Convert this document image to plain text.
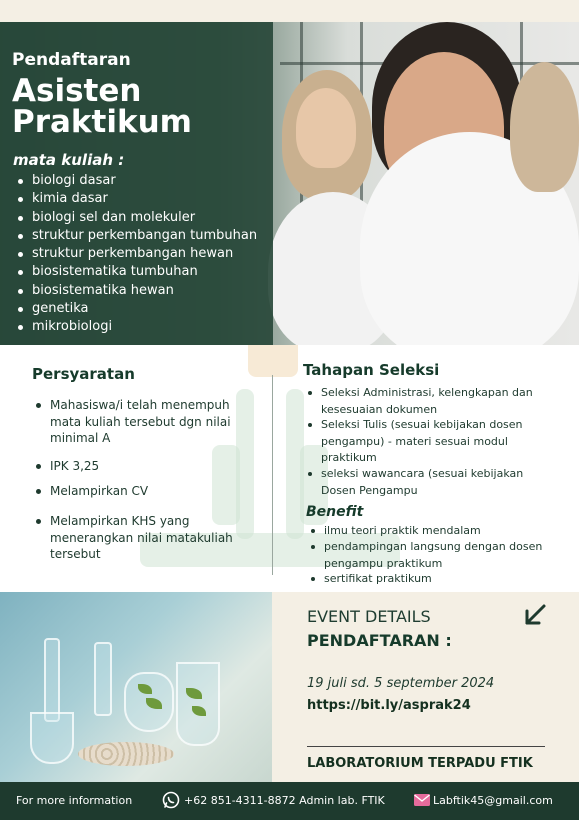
Pendaftaran
Asisten Praktikum
mata kuliah :
biologi dasar
kimia dasar
biologi sel dan molekuler
struktur perkembangan tumbuhan
struktur perkembangan hewan
biosistematika tumbuhan
biosistematika hewan
genetika
mikrobiologi
Persyaratan
Mahasiswa/i telah menempuh mata kuliah tersebut dgn nilai minimal A
IPK 3,25
Melampirkan CV
Melampirkan KHS yang menerangkan nilai matakuliah tersebut
Tahapan Seleksi
Seleksi Administrasi, kelengkapan dan kesesuaian dokumen
Seleksi Tulis (sesuai kebijakan dosen pengampu) - materi sesuai modul praktikum
seleksi wawancara (sesuai kebijakan Dosen Pengampu
Benefit
ilmu teori praktik mendalam
pendampingan langsung dengan dosen pengampu praktikum
sertifikat praktikum
EVENT DETAILS
PENDAFTARAN :
19 juli sd. 5 september 2024
https://bit.ly/asprak24
LABORATORIUM TERPADU FTIK
For more information	+62 851-4311-8872 Admin lab. FTIK	Labftik45@gmail.com
